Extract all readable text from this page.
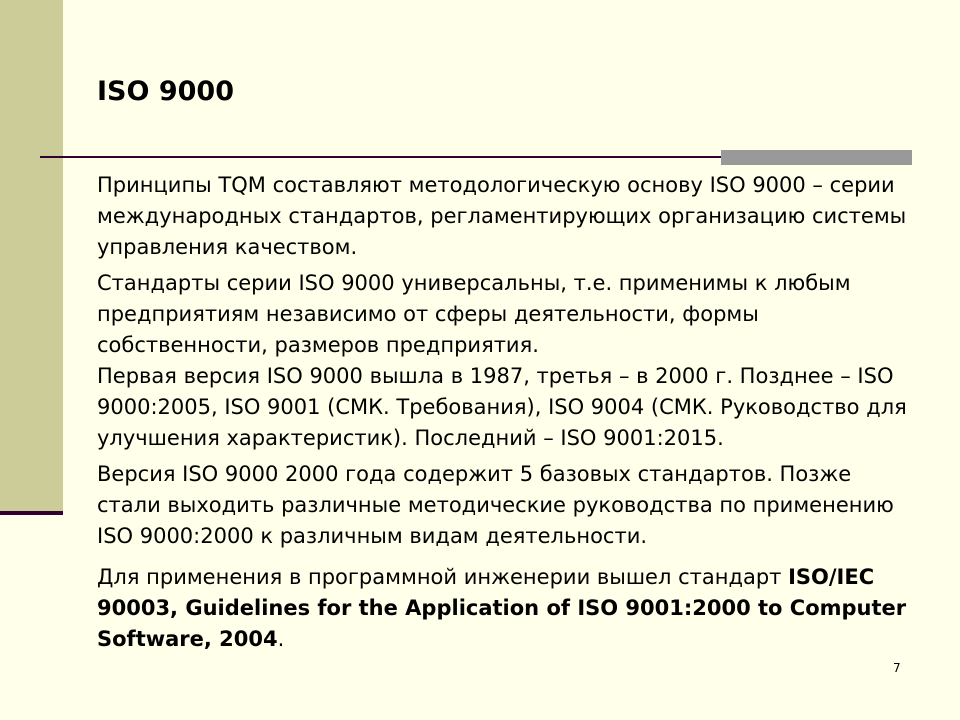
ISO 9000

Принципы TQM составляют методологическую основу ISO 9000 – серии международных стандартов, регламентирующих организацию системы управления качеством.

Стандарты серии ISO 9000 универсальны, т.е. применимы к любым предприятиям независимо от сферы деятельности, формы собственности, размеров предприятия.

Первая версия ISO 9000 вышла в 1987, третья – в 2000 г. Позднее – ISO 9000:2005, ISO 9001 (СМК. Требования), ISO 9004 (СМК. Руководство для улучшения характеристик). Последний – ISO 9001:2015.

Версия ISO 9000 2000 года содержит 5 базовых стандартов. Позже стали выходить различные методические руководства по применению ISO 9000:2000 к различным видам деятельности.

Для применения в программной инженерии вышел стандарт ISO/IEC 90003, Guidelines for the Application of ISO 9001:2000 to Computer Software, 2004.

7
